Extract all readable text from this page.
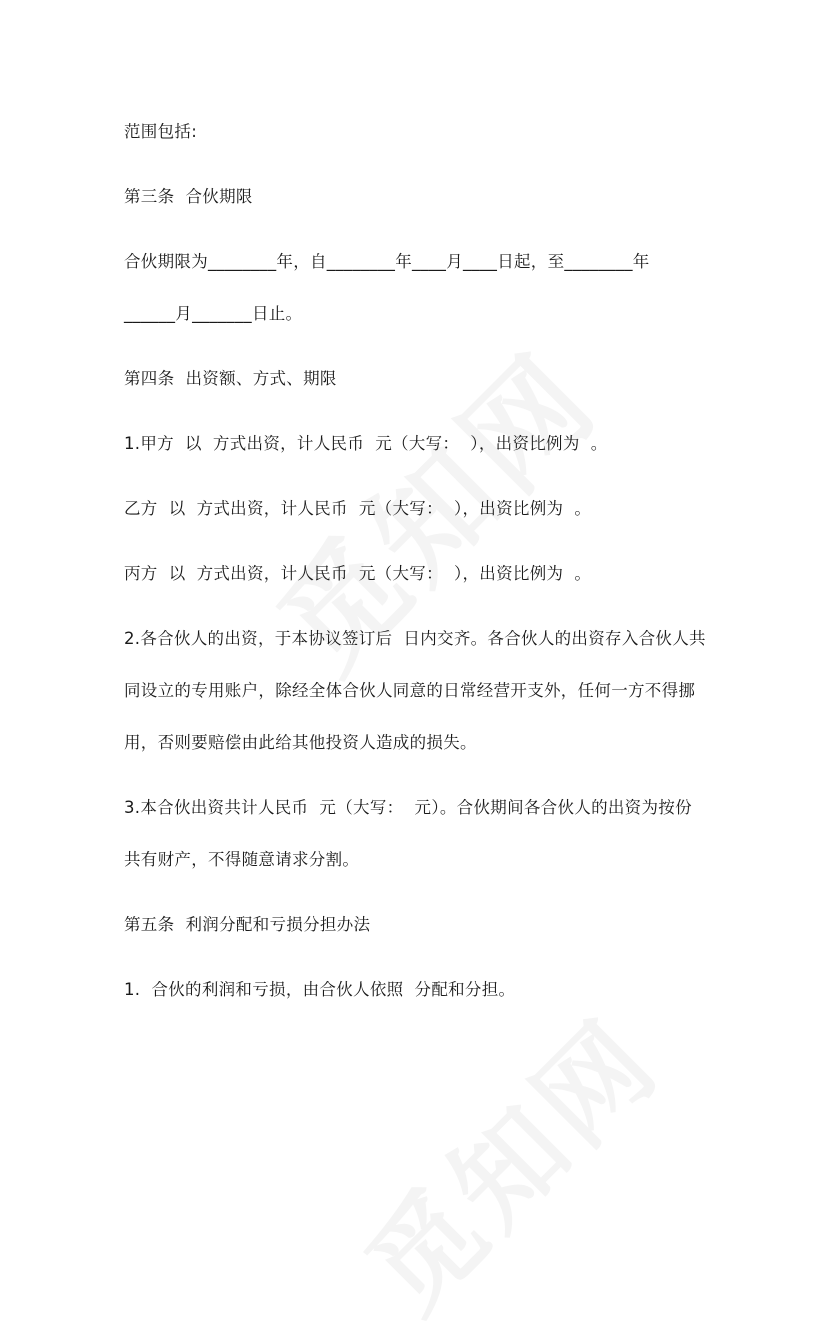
范围包括:

第三条  合伙期限

合伙期限为________年，自________年____月____日起，至________年

______月_______日止。

第四条  出资额、方式、期限

1.甲方  以  方式出资，计人民币  元（大写：  ），出资比例为  。

乙方  以  方式出资，计人民币  元（大写：  ），出资比例为  。

丙方  以  方式出资，计人民币  元（大写：  ），出资比例为  。

2.各合伙人的出资，于本协议签订后  日内交齐。各合伙人的出资存入合伙人共

同设立的专用账户，除经全体合伙人同意的日常经营开支外，任何一方不得挪

用，否则要赔偿由此给其他投资人造成的损失。

3.本合伙出资共计人民币  元（大写：  元）。合伙期间各合伙人的出资为按份

共有财产，不得随意请求分割。

第五条  利润分配和亏损分担办法

1.  合伙的利润和亏损，由合伙人依照  分配和分担。
